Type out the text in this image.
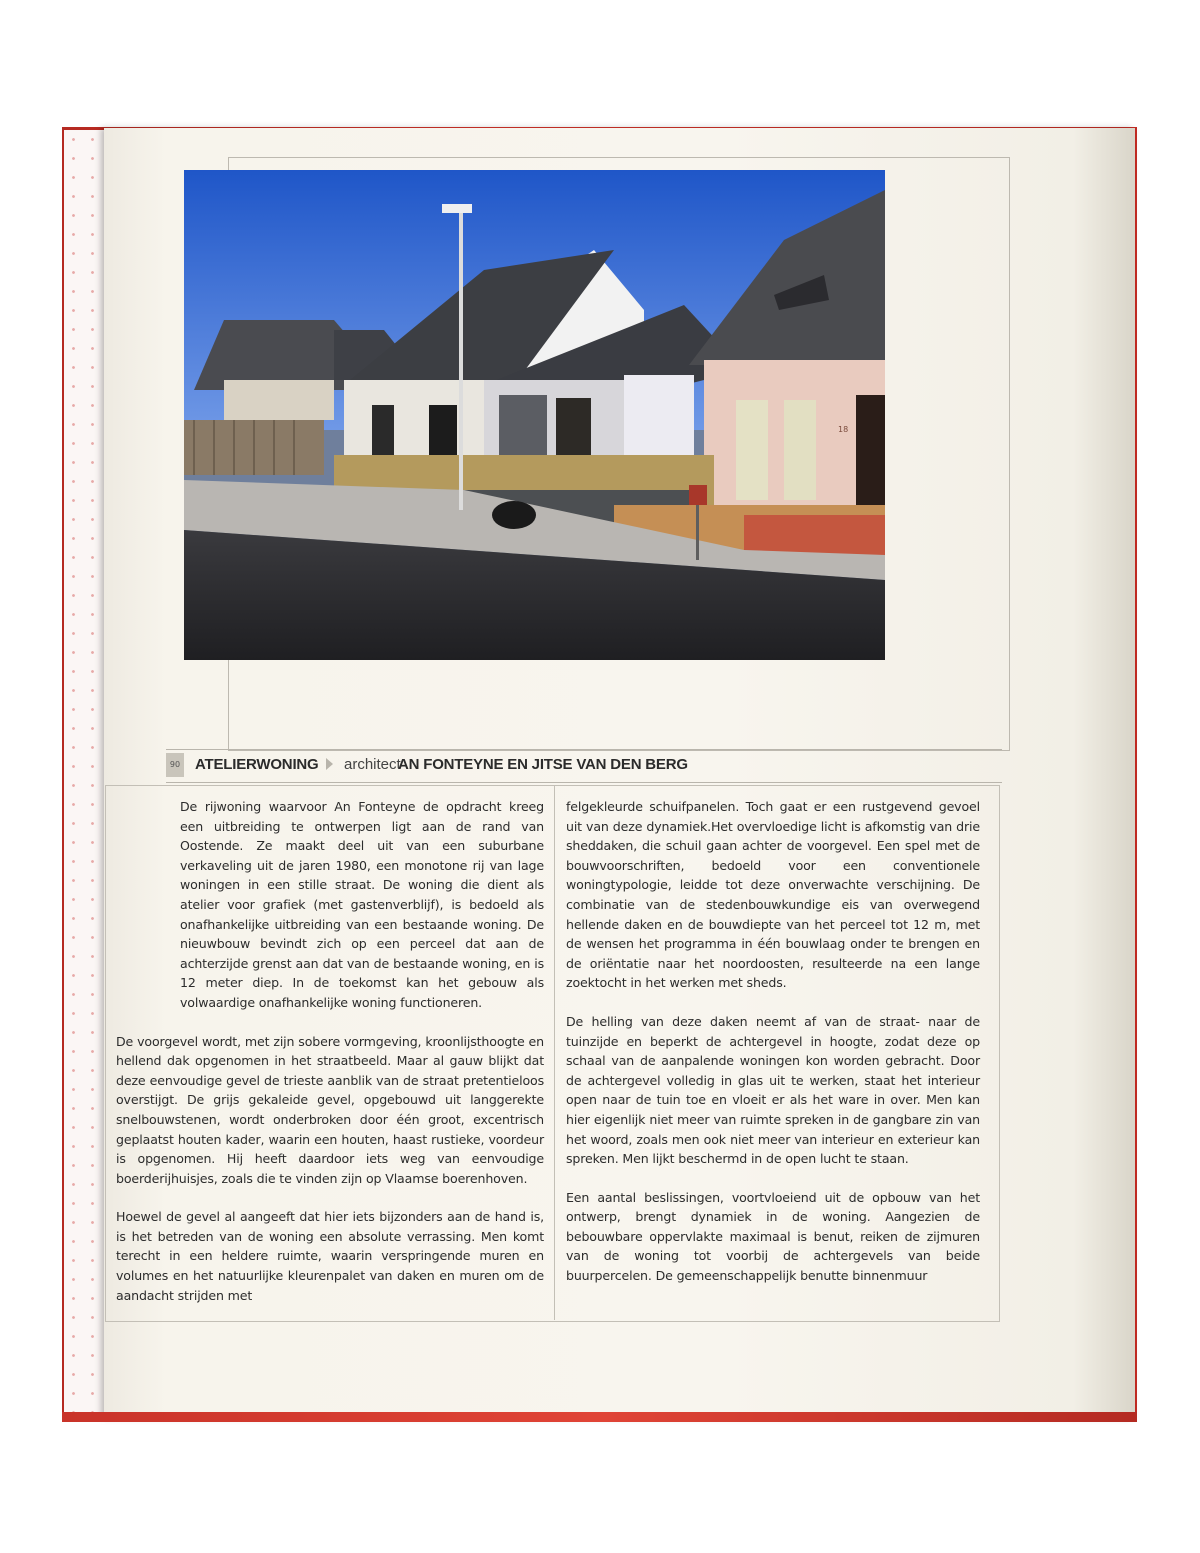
18
90 ATELIERWONING architect
AN FONTEYNE EN JITSE VAN DEN BERG

De rijwoning waarvoor An Fonteyne de opdracht kreeg een uitbreiding te ontwerpen ligt aan de rand van Oostende. Ze maakt deel uit van een suburbane verkaveling uit de jaren 1980, een monotone rij van lage woningen in een stille straat. De woning die dient als atelier voor grafiek (met gastenverblijf), is bedoeld als onafhankelijke uitbreiding van een bestaande woning. De nieuwbouw bevindt zich op een perceel dat aan de achterzijde grenst aan dat van de bestaande woning, en is 12 meter diep. In de toekomst kan het gebouw als volwaardige onafhankelijke woning functioneren.

De voorgevel wordt, met zijn sobere vormgeving, kroonlijsthoogte en hellend dak opgenomen in het straatbeeld. Maar al gauw blijkt dat deze eenvoudige gevel de trieste aanblik van de straat pretentieloos overstijgt. De grijs gekaleide gevel, opgebouwd uit langgerekte snelbouwstenen, wordt onderbroken door één groot, excentrisch geplaatst houten kader, waarin een houten, haast rustieke, voordeur is opgenomen. Hij heeft daardoor iets weg van eenvoudige boerderijhuisjes, zoals die te vinden zijn op Vlaamse boerenhoven.

Hoewel de gevel al aangeeft dat hier iets bijzonders aan de hand is, is het betreden van de woning een absolute verrassing. Men komt terecht in een heldere ruimte, waarin verspringende muren en volumes en het natuurlijke kleurenpalet van daken en muren om de aandacht strijden met

felgekleurde schuifpanelen. Toch gaat er een rustgevend gevoel uit van deze dynamiek.Het overvloedige licht is afkomstig van drie sheddaken, die schuil gaan achter de voorgevel. Een spel met de bouwvoorschriften, bedoeld voor een conventionele woningtypologie, leidde tot deze onverwachte verschijning. De combinatie van de stedenbouwkundige eis van overwegend hellende daken en de bouwdiepte van het perceel tot 12 m, met de wensen het programma in één bouwlaag onder te brengen en de oriëntatie naar het noordoosten, resulteerde na een lange zoektocht in het werken met sheds.

De helling van deze daken neemt af van de straat- naar de tuinzijde en beperkt de achtergevel in hoogte, zodat deze op schaal van de aanpalende woningen kon worden gebracht. Door de achtergevel volledig in glas uit te werken, staat het interieur open naar de tuin toe en vloeit er als het ware in over. Men kan hier eigenlijk niet meer van ruimte spreken in de gangbare zin van het woord, zoals men ook niet meer van interieur en exterieur kan spreken. Men lijkt beschermd in de open lucht te staan.

Een aantal beslissingen, voortvloeiend uit de opbouw van het ontwerp, brengt dynamiek in de woning. Aangezien de bebouwbare oppervlakte maximaal is benut, reiken de zijmuren van de woning tot voorbij de achtergevels van beide buurpercelen. De gemeenschappelijk benutte binnenmuur
